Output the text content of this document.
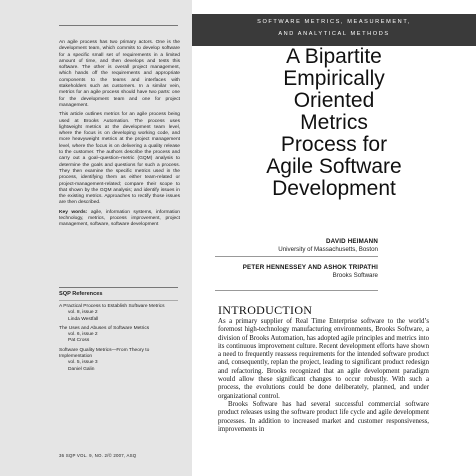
An agile process has two primary actors. One is the development team, which commits to develop software for a specific small set of requirements in a limited amount of time, and then develops and tests this software. The other is overall project management, which hands off the requirements and appropriate components to the teams and interfaces with stakeholders such as customers. In a similar vein, metrics for an agile process should have two parts: one for the development team and one for project management.

This article outlines metrics for an agile process being used at Brooks Automation. The process uses lightweight metrics at the development team level, where the focus is on developing working code, and more heavyweight metrics at the project management level, where the focus is on delivering a quality release to the customer. The authors describe the process and carry out a goal–question–metric (GQM) analysis to determine the goals and questions for such a process. They then examine the specific metrics used in the process, identifying them as either team-related or project-management-related; compare their scope to that shown by the GQM analysis; and identify issues in the existing metrics. Approaches to rectify those issues are then described.

Key words: agile, information systems, information technology, metrics, process improvement, project management, software, software development

SQP References
A Practical Process to Establish Software Metrics
vol. 8, issue 2
Linda Westfall
The Uses and Abuses of Software Metrics
vol. 6, issue 2
Pat Cross
Software Quality Metrics—From Theory to Implementation
vol. 5, issue 3
Daniel Galin
36 SQP VOL. 9, NO. 2/© 2007, ASQ
SOFTWARE METRICS, MEASUREMENT,
AND ANALYTICAL METHODS
A Bipartite
Empirically
Oriented
Metrics
Process for
Agile Software
Development
DAVID HEIMANN
University of Massachusetts, Boston
PETER HENNESSEY AND ASHOK TRIPATHI
Brooks Software
INTRODUCTION

As a primary supplier of Real Time Enterprise software to the world’s foremost high-technology manufacturing environments, Brooks Software, a division of Brooks Automation, has adopted agile principles and metrics into its continuous improvement culture. Recent development efforts have shown a need to frequently reassess requirements for the intended software product and, consequently, replan the project, leading to significant product redesign and refactoring. Brooks recognized that an agile development paradigm would allow these significant changes to occur robustly. With such a process, the evolutions could be done deliberately, planned, and under organizational control.

Brooks Software has had several successful commercial software product releases using the software product life cycle and agile development processes. In addition to increased market and customer responsiveness, improvements in
